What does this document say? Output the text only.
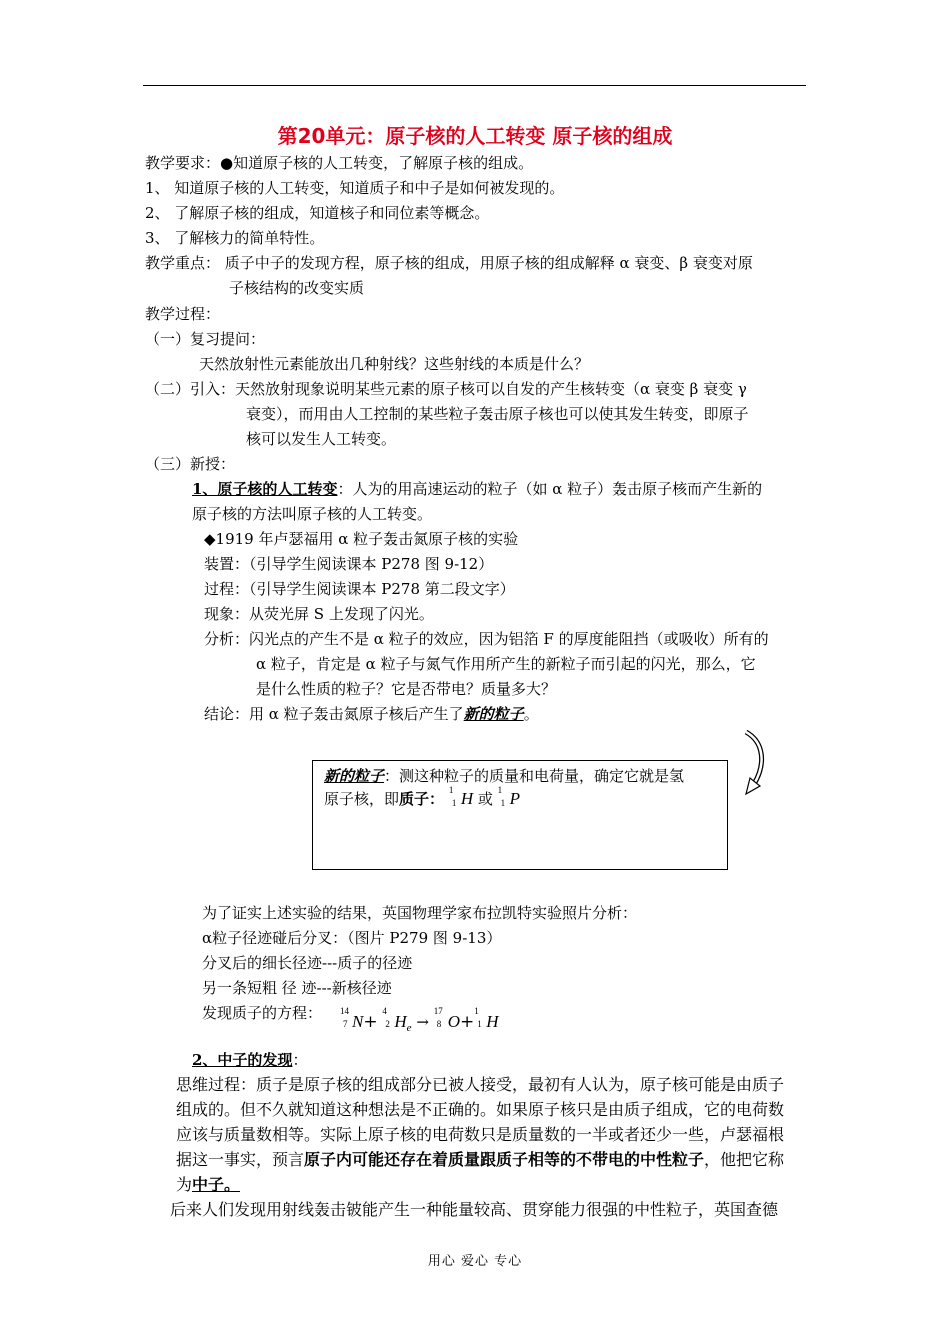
第20单元：原子核的人工转变 原子核的组成
教学要求：●知道原子核的人工转变，了解原子核的组成。
1、 知道原子核的人工转变，知道质子和中子是如何被发现的。
2、 了解原子核的组成，知道核子和同位素等概念。
3、 了解核力的简单特性。
教学重点： 质子中子的发现方程，原子核的组成，用原子核的组成解释 α 衰变、β 衰变对原
子核结构的改变实质
教学过程：
（一）复习提问：
天然放射性元素能放出几种射线？这些射线的本质是什么？
（二）引入：天然放射现象说明某些元素的原子核可以自发的产生核转变（α 衰变 β 衰变 γ
衰变），而用由人工控制的某些粒子轰击原子核也可以使其发生转变，即原子
核可以发生人工转变。
（三）新授：
1、原子核的人工转变：人为的用高速运动的粒子（如 α 粒子）轰击原子核而产生新的
原子核的方法叫原子核的人工转变。
◆1919 年卢瑟福用 α 粒子轰击氮原子核的实验
装置：（引导学生阅读课本 P278 图 9-12）
过程：（引导学生阅读课本 P278 第二段文字）
现象：从荧光屏 S 上发现了闪光。
分析：闪光点的产生不是 α 粒子的效应，因为铝箔 F 的厚度能阻挡（或吸收）所有的
α 粒子，肯定是 α 粒子与氮气作用所产生的新粒子而引起的闪光，那么，它
是什么性质的粒子？它是否带电？质量多大？
结论：用 α 粒子轰击氮原子核后产生了新的粒子。
新的粒子：测这种粒子的质量和电荷量，确定它就是氢
原子核，即质子： 1
1 H 或 1
1 P
为了证实上述实验的结果，英国物理学家布拉凯特实验照片分析：
α粒子径迹碰后分叉：（图片 P279 图 9-13）
分叉后的细长径迹---质子的径迹
另一条短粗 径 迹---新核径迹
发现质子的方程： 14
7 N+
4
2 $H_e$ →
17
8 O+
1
1 H
2、中子的发现：
思维过程：质子是原子核的组成部分已被人接受，最初有人认为，原子核可能是由质子
组成的。但不久就知道这种想法是不正确的。如果原子核只是由质子组成，它的电荷数
应该与质量数相等。实际上原子核的电荷数只是质量数的一半或者还少一些，卢瑟福根
据这一事实，预言原子内可能还存在着质量跟质子相等的不带电的中性粒子，他把它称
为中子。
后来人们发现用射线轰击铍能产生一种能量较高、贯穿能力很强的中性粒子，英国查德
用心 爱心 专心
